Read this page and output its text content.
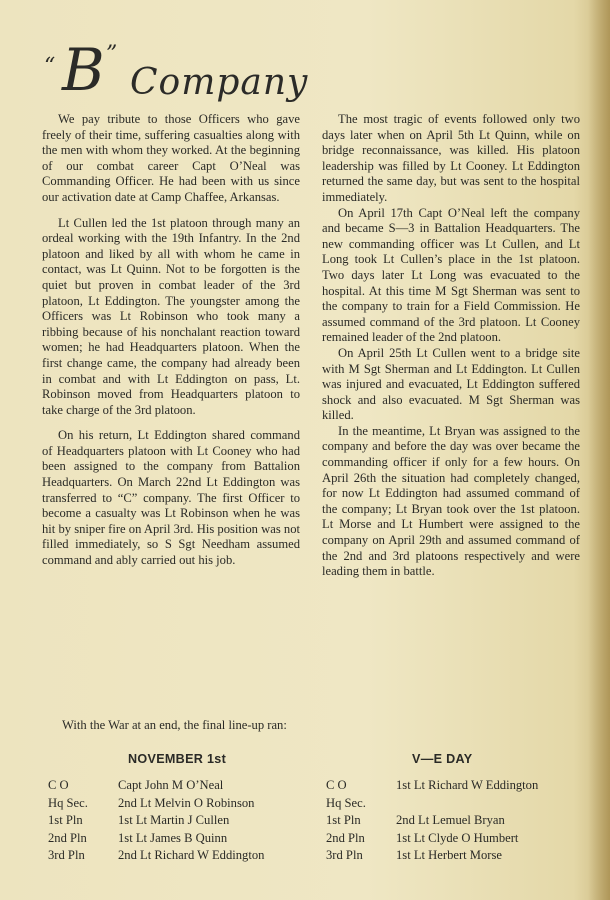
“ B ”
Company

We pay tribute to those Officers who gave freely of their time, suffering casualties along with the men with whom they worked. At the beginning of our combat career Capt O’Neal was Commanding Officer. He had been with us since our activation date at Camp Chaffee, Arkansas.

Lt Cullen led the 1st platoon through many an ordeal working with the 19th Infantry. In the 2nd platoon and liked by all with whom he came in contact, was Lt Quinn. Not to be forgotten is the quiet but proven in combat leader of the 3rd platoon, Lt Eddington. The youngster among the Officers was Lt Robinson who took many a ribbing because of his nonchalant reaction toward women; he had Headquarters platoon. When the first change came, the company had already been in combat and with Lt Eddington on pass, Lt. Robinson moved from Headquarters platoon to take charge of the 3rd platoon.

On his return, Lt Eddington shared command of Headquarters platoon with Lt Cooney who had been assigned to the company from Battalion Headquarters. On March 22nd Lt Eddington was transferred to “C” company. The first Officer to become a casualty was Lt Robinson when he was hit by sniper fire on April 3rd. His position was not filled immediately, so S Sgt Needham assumed command and ably carried out his job.

The most tragic of events followed only two days later when on April 5th Lt Quinn, while on bridge reconnaissance, was killed. His platoon leadership was filled by Lt Cooney. Lt Eddington returned the same day, but was sent to the hospital immediately.

On April 17th Capt O’Neal left the company and became S—3 in Battalion Headquarters. The new commanding officer was Lt Cullen, and Lt Long took Lt Cullen’s place in the 1st platoon. Two days later Lt Long was evacuated to the hospital. At this time M Sgt Sherman was sent to the company to train for a Field Commission. He assumed command of the 3rd platoon. Lt Cooney remained leader of the 2nd platoon.

On April 25th Lt Cullen went to a bridge site with M Sgt Sherman and Lt Eddington. Lt Cullen was injured and evacuated, Lt Eddington suffered shock and also evacuated. M Sgt Sherman was killed.

In the meantime, Lt Bryan was assigned to the company and before the day was over became the commanding officer if only for a few hours. On April 26th the situation had completely changed, for now Lt Eddington had assumed command of the company; Lt Bryan took over the 1st platoon. Lt Morse and Lt Humbert were assigned to the company on April 29th and assumed command of the 2nd and 3rd platoons respectively and were leading them in battle.

With the War at an end, the final line-up ran:
NOVEMBER 1st	V—E DAY
C O	Capt John M O’Neal
Hq Sec.	2nd Lt Melvin O Robinson
1st Pln	1st Lt Martin J Cullen
2nd Pln	1st Lt James B Quinn
3rd Pln	2nd Lt Richard W Eddington
C O	1st Lt Richard W Eddington
Hq Sec.
1st Pln	2nd Lt Lemuel Bryan
2nd Pln	1st Lt Clyde O Humbert
3rd Pln	1st Lt Herbert Morse
